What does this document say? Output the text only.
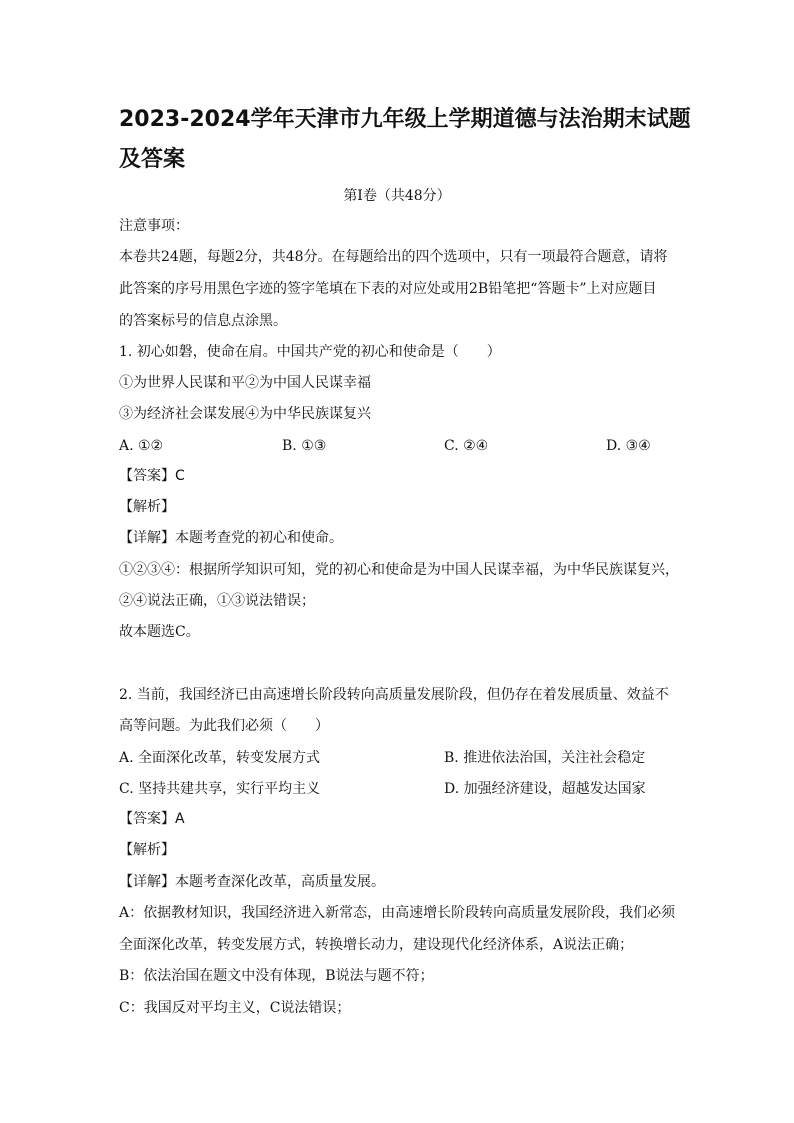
2023-2024学年天津市九年级上学期道德与法治期末试题及答案
第Ⅰ卷（共48分）
注意事项：
本卷共24题，每题2分，共48分。在每题给出的四个选项中，只有一项最符合题意，请将
此答案的序号用黑色字迹的签字笔填在下表的对应处或用2B铅笔把“答题卡”上对应题目
的答案标号的信息点涂黑。
1. 初心如磐，使命在肩。中国共产党的初心和使命是（　　）
①为世界人民谋和平②为中国人民谋幸福
③为经济社会谋发展④为中华民族谋复兴
A. ①②	B. ①③	C. ②④	D. ③④
【答案】C
【解析】
【详解】本题考查党的初心和使命。
①②③④：根据所学知识可知，党的初心和使命是为中国人民谋幸福，为中华民族谋复兴，
②④说法正确，①③说法错误；
故本题选C。
2. 当前，我国经济已由高速增长阶段转向高质量发展阶段，但仍存在着发展质量、效益不
高等问题。为此我们必须（　　）
A. 全面深化改革，转变发展方式	B. 推进依法治国，关注社会稳定
C. 坚持共建共享，实行平均主义	D. 加强经济建设，超越发达国家
【答案】A
【解析】
【详解】本题考查深化改革，高质量发展。
A：依据教材知识，我国经济进入新常态，由高速增长阶段转向高质量发展阶段，我们必须
全面深化改革，转变发展方式，转换增长动力，建设现代化经济体系，A说法正确；
B：依法治国在题文中没有体现，B说法与题不符；
C：我国反对平均主义，C说法错误；
